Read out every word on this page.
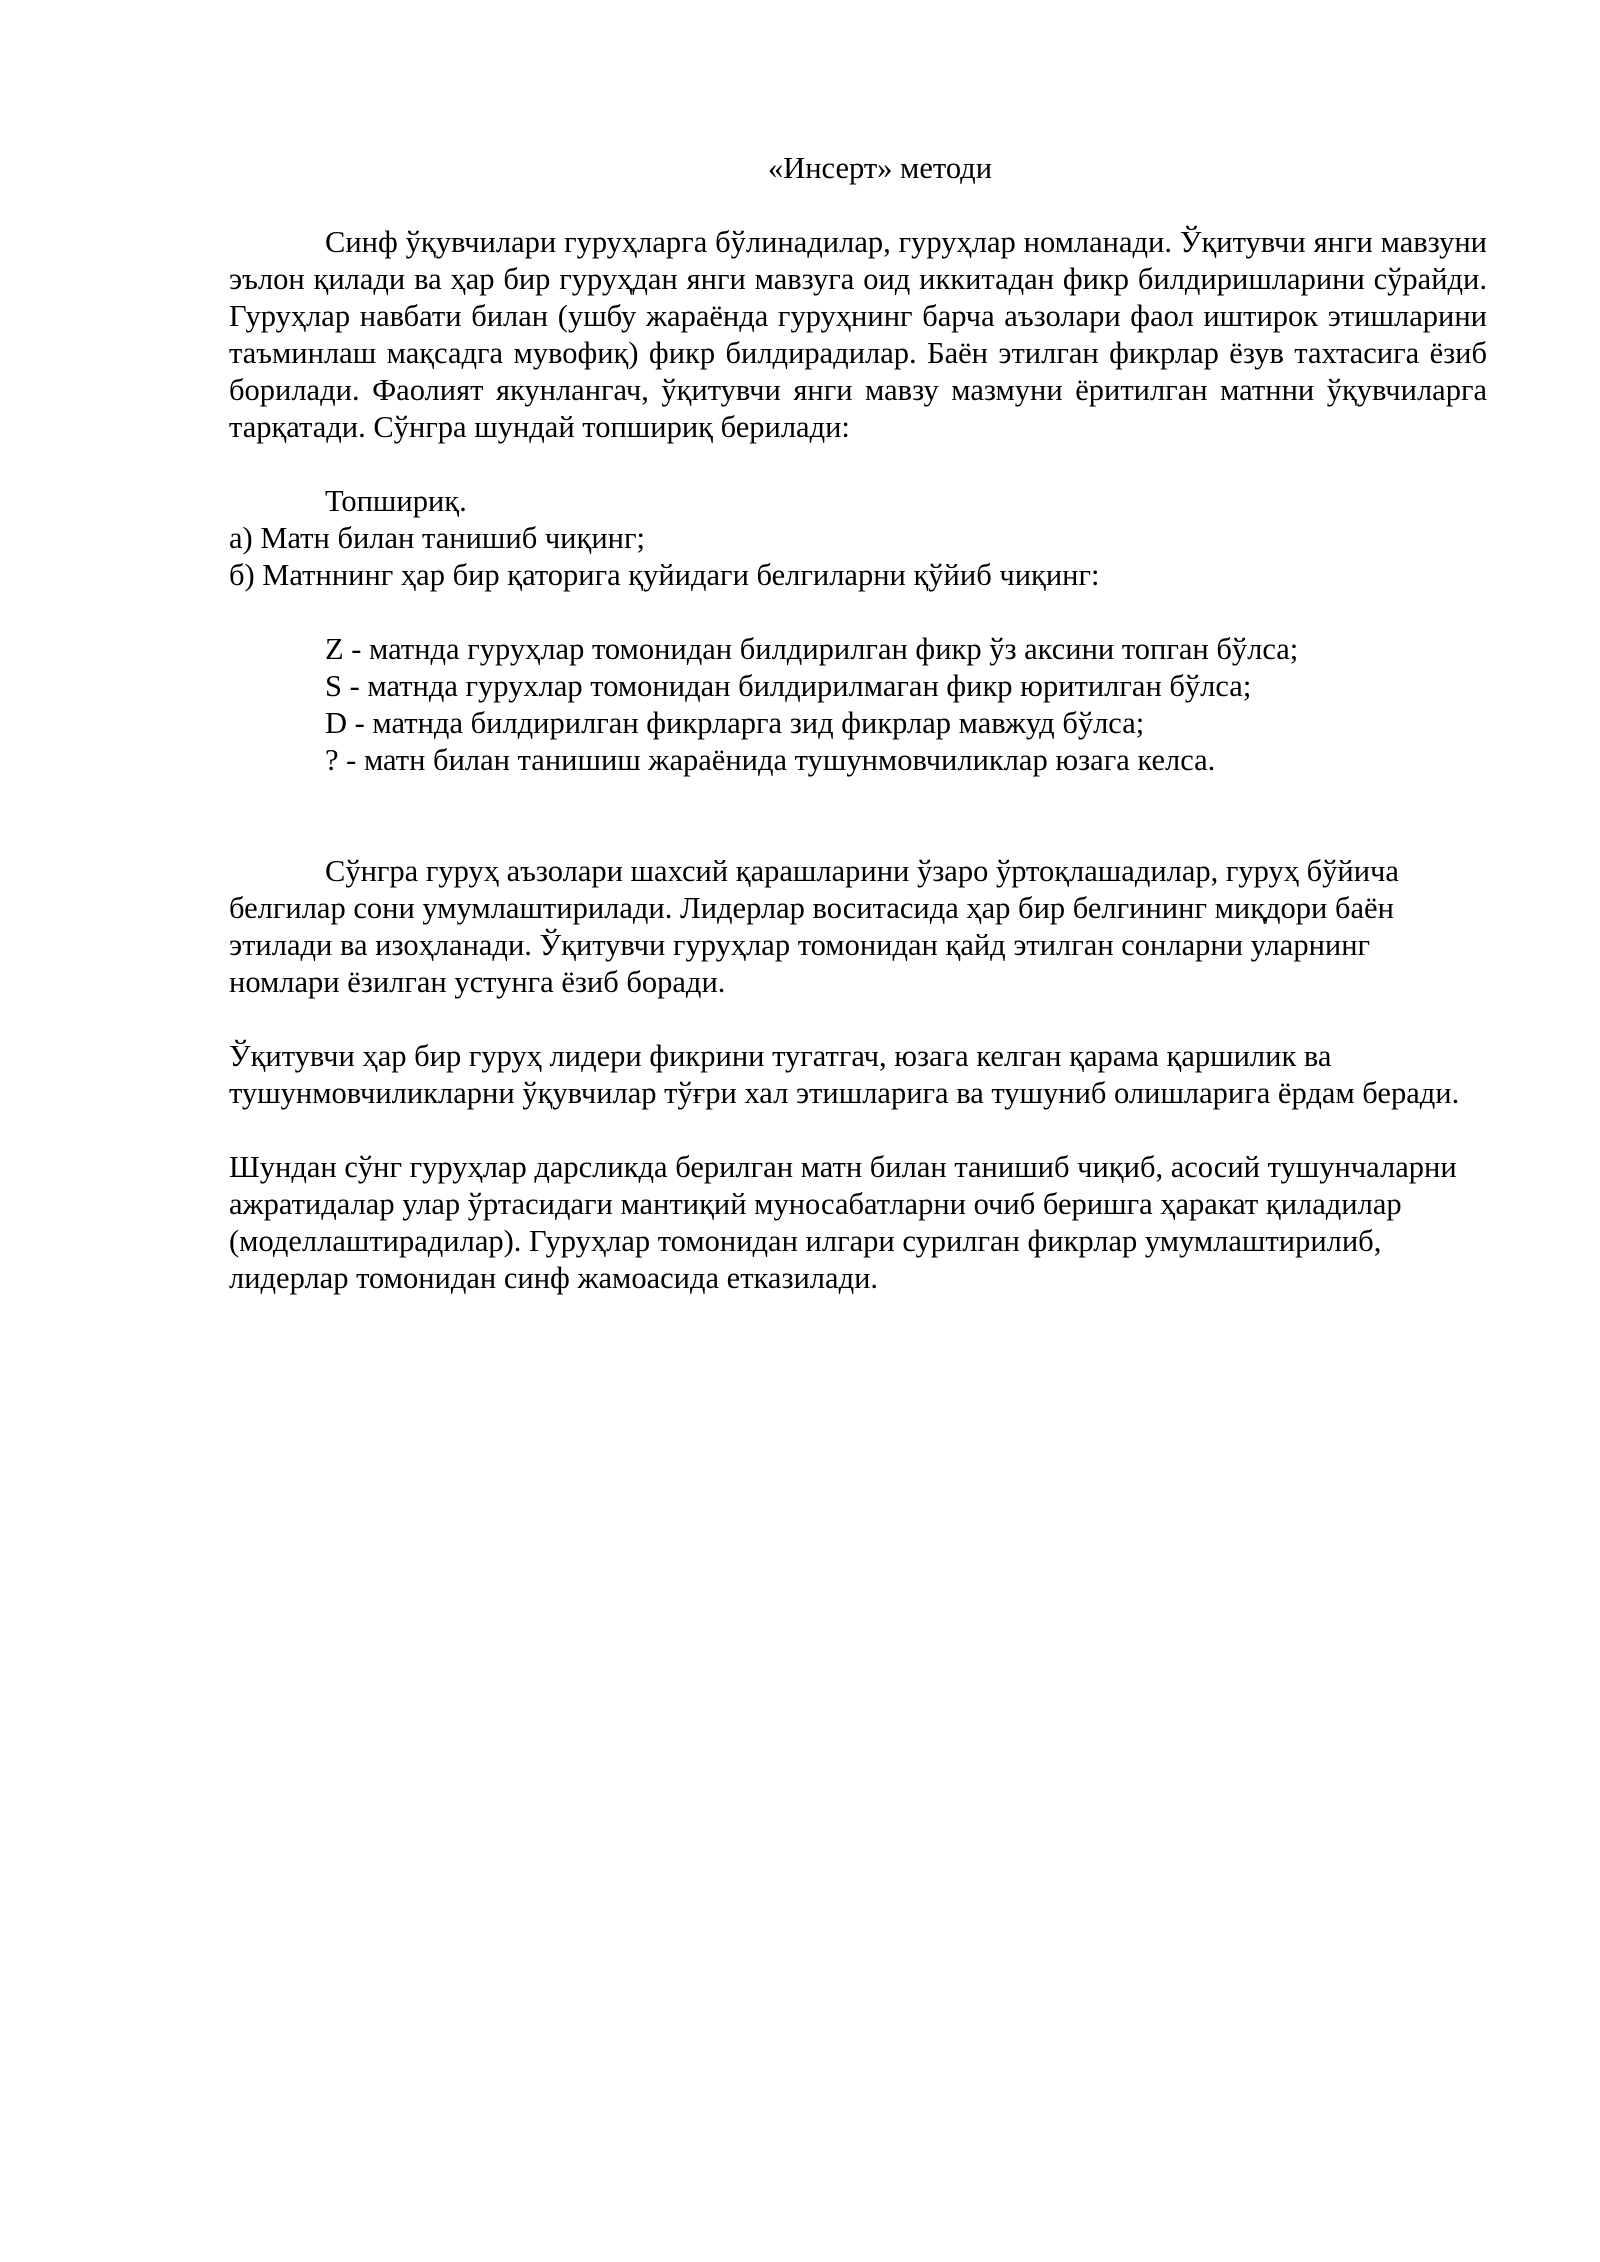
«Инсерт» методи

Синф ўқувчилари гуруҳларга бўлинадилар, гуруҳлар номланади. Ўқитувчи янги мавзуни эълон қилади ва ҳар бир гуруҳдан янги мавзуга оид иккитадан фикр билдиришларини сўрайди. Гуруҳлар навбати билан (ушбу жараёнда гуруҳнинг барча аъзолари фаол иштирок этишларини таъминлаш мақсадга мувофиқ) фикр билдирадилар. Баён этилган фикрлар ёзув тахтасига ёзиб борилади. Фаолият якунлангач, ўқитувчи янги мавзу мазмуни ёритилган матнни ўқувчиларга тарқатади. Сўнгра шундай топшириқ берилади:

Топшириқ.

а) Матн билан танишиб чиқинг;

б) Матннинг ҳар бир қаторига қуйидаги белгиларни қўйиб чиқинг:

Z - матнда гуруҳлар томонидан билдирилган фикр ўз аксини топган бўлса;

S - матнда гурухлар томонидан билдирилмаган фикр юритилган бўлса;

D - матнда билдирилган фикрларга зид фикрлар мавжуд бўлса;

? - матн билан танишиш жараёнида тушунмовчиликлар юзага келса.

Сўнгра гуруҳ аъзолари шахсий қарашларини ўзаро ўртоқлашадилар, гуруҳ бўйича белгилар сони умумлаштирилади. Лидерлар воситасида ҳар бир белгининг миқдори баён этилади ва изоҳланади. Ўқитувчи гуруҳлар томонидан қайд этилган сонларни уларнинг номлари ёзилган устунга ёзиб боради.

Ўқитувчи ҳар бир гуруҳ лидери фикрини тугатгач, юзага келган қарама қаршилик ва тушунмовчиликларни ўқувчилар тўғри хал этишларига ва тушуниб олишларига ёрдам беради.

Шундан сўнг гуруҳлар дарсликда берилган матн билан танишиб чиқиб, асосий тушунчаларни ажратидалар улар ўртасидаги мантиқий муносабатларни очиб беришга ҳаракат қиладилар (моделлаштирадилар). Гуруҳлар томонидан илгари сурилган фикрлар умумлаштирилиб, лидерлар томонидан синф жамоасида етказилади.
